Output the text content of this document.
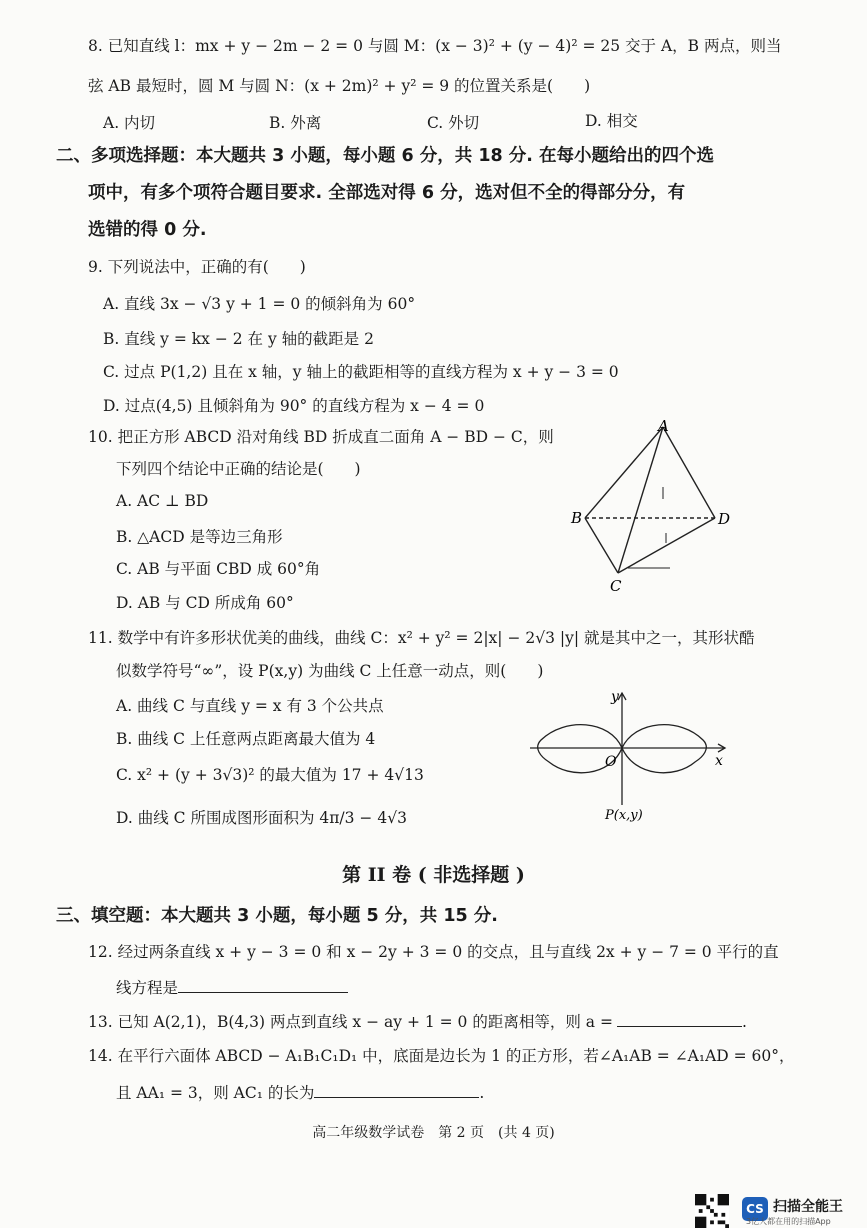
8. 已知直线 l：mx + y − 2m − 2 = 0 与圆 M：(x − 3)² + (y − 4)² = 25 交于 A，B 两点，则当
弦 AB 最短时，圆 M 与圆 N：(x + 2m)² + y² = 9 的位置关系是(　　)
A. 内切	B. 外离	C. 外切	D. 相交
二、多项选择题：本大题共 3 小题，每小题 6 分，共 18 分. 在每小题给出的四个选
项中，有多个项符合题目要求. 全部选对得 6 分，选对但不全的得部分分，有
选错的得 0 分.
9. 下列说法中，正确的有(　　)
A. 直线 3x − √3 y + 1 = 0 的倾斜角为 60°
B. 直线 y = kx − 2 在 y 轴的截距是 2
C. 过点 P(1,2) 且在 x 轴，y 轴上的截距相等的直线方程为 x + y − 3 = 0
D. 过点(4,5) 且倾斜角为 90° 的直线方程为 x − 4 = 0
10. 把正方形 ABCD 沿对角线 BD 折成直二面角 A − BD − C，则
下列四个结论中正确的结论是(　　)
A. AC ⊥ BD
B. △ACD 是等边三角形
C. AB 与平面 CBD 成 60°角
D. AB 与 CD 所成角 60°
A
B
C
D
11. 数学中有许多形状优美的曲线，曲线 C：x² + y² = 2|x| − 2√3 |y| 就是其中之一，其形状酷
似数学符号“∞”，设 P(x,y) 为曲线 C 上任意一动点，则(　　)
A. 曲线 C 与直线 y = x 有 3 个公共点
B. 曲线 C 上任意两点距离最大值为 4
C. x² + (y + 3√3)² 的最大值为 17 + 4√13
D. 曲线 C 所围成图形面积为 4π/3 − 4√3
y
x
O
P(x,y)
第 II 卷 ( 非选择题 )
三、填空题：本大题共 3 小题，每小题 5 分，共 15 分.
12. 经过两条直线 x + y − 3 = 0 和 x − 2y + 3 = 0 的交点，且与直线 2x + y − 7 = 0 平行的直
线方程是
13. 已知 A(2,1)，B(4,3) 两点到直线 x − ay + 1 = 0 的距离相等，则 a =	.
14. 在平行六面体 ABCD − A₁B₁C₁D₁ 中，底面是边长为 1 的正方形，若∠A₁AB = ∠A₁AD = 60°，
且 AA₁ = 3，则 AC₁ 的长为	.
高二年级数学试卷　第 2 页　(共 4 页)
CS 扫描全能王
3亿人都在用的扫描App
